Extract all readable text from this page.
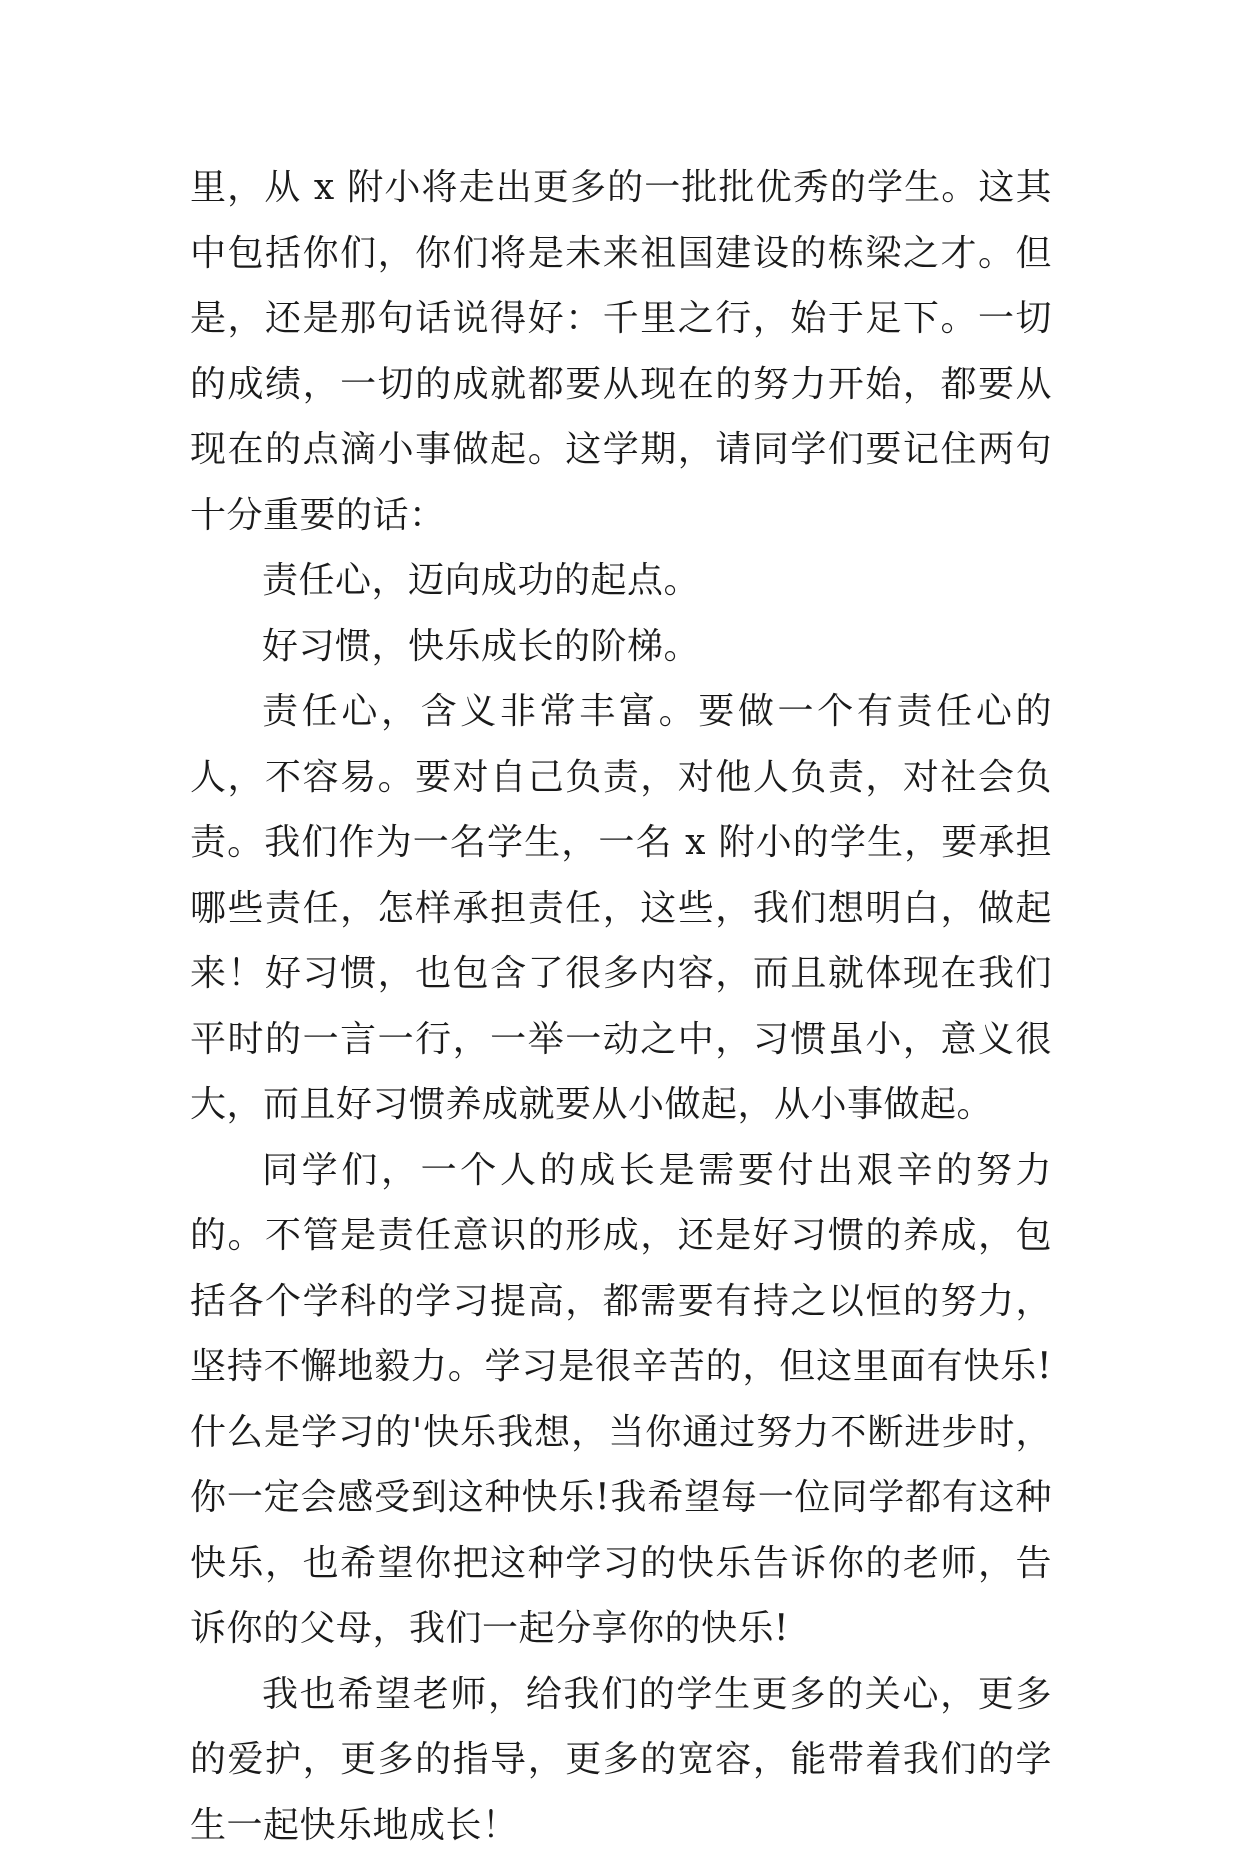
里，从 x 附小将走出更多的一批批优秀的学生。这其中包括你们，你们将是未来祖国建设的栋梁之才。但是，还是那句话说得好：千里之行，始于足下。一切的成绩，一切的成就都要从现在的努力开始，都要从现在的点滴小事做起。这学期，请同学们要记住两句十分重要的话：

责任心，迈向成功的起点。

好习惯，快乐成长的阶梯。

责任心，含义非常丰富。要做一个有责任心的人，不容易。要对自己负责，对他人负责，对社会负责。我们作为一名学生，一名 x 附小的学生，要承担哪些责任，怎样承担责任，这些，我们想明白，做起来！好习惯，也包含了很多内容，而且就体现在我们平时的一言一行，一举一动之中，习惯虽小，意义很大，而且好习惯养成就要从小做起，从小事做起。

同学们，一个人的成长是需要付出艰辛的努力的。不管是责任意识的形成，还是好习惯的养成，包括各个学科的学习提高，都需要有持之以恒的努力，坚持不懈地毅力。学习是很辛苦的，但这里面有快乐!什么是学习的'快乐我想，当你通过努力不断进步时，你一定会感受到这种快乐!我希望每一位同学都有这种快乐，也希望你把这种学习的快乐告诉你的老师，告诉你的父母，我们一起分享你的快乐!

我也希望老师，给我们的学生更多的关心，更多的爱护，更多的指导，更多的宽容，能带着我们的学生一起快乐地成长！
